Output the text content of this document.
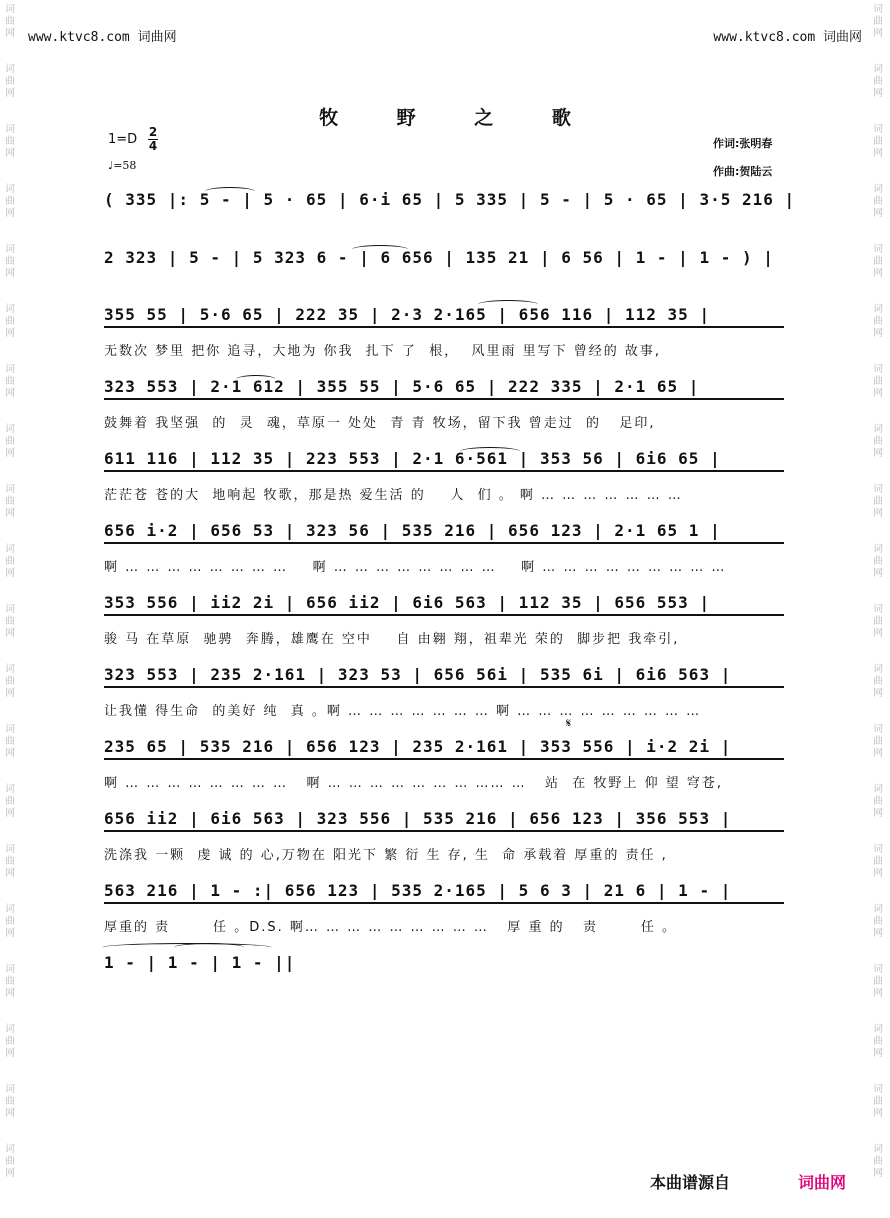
词
曲
网
词
曲
网
词
曲
网
词
曲
网
词
曲
网
词
曲
网
词
曲
网
词
曲
网
词
曲
网
词
曲
网
词
曲
网
词
曲
网
词
曲
网
词
曲
网
词
曲
网
词
曲
网
词
曲
网
词
曲
网
词
曲
网
词
曲
网
词
曲
网
词
曲
网
词
曲
网
词
曲
网
词
曲
网
词
曲
网
词
曲
网
词
曲
网
词
曲
网
词
曲
网
词
曲
网
词
曲
网
词
曲
网
词
曲
网
词
曲
网
词
曲
网
词
曲
网
词
曲
网
词
曲
网
词
曲
网
www.ktvc8.com 词曲网	www.ktvc8.com 词曲网
牧 野 之 歌
1=D 2
4
♩=58
作词:张明春
作曲:贺陆云
( 335 |: 5 - | 5 · 65 | 6·i 65 | 5 335 | 5 - | 5 · 65 | 3·5 216 |
2 323 | 5 - | 5 323 6 - | 6 656 | 135 21 | 6 56 | 1 - | 1 - ) |
355 55 | 5·6 65 | 222 35 | 2·3 2·165 | 656 116 | 112 35 |
无数次 梦里 把你 追寻，大地为 你我  扎下 了  根，  风里雨 里写下 曾经的 故事,
323 553 | 2·1 612 | 355 55 | 5·6 65 | 222 335 | 2·1 65 |
鼓舞着 我坚强  的  灵  魂，草原一 处处  青 青 牧场，留下我 曾走过  的   足印,
611 116 | 112 35 | 223 553 | 2·1 6·561 | 353 56 | 6i6 65 |
茫茫苍 苍的大  地响起 牧歌，那是热 爱生活 的    人  们 。 啊 … … … … … … …
656 i·2 | 656 53 | 323 56 | 535 216 | 656 123 | 2·1 65 1 |
啊 … … … … … … … …    啊 … … … … … … … …    啊 … … … … … … … … …
353 556 | ii2 2i | 656 ii2 | 6i6 563 | 112 35 | 656 553 |
骏 马 在草原  驰骋  奔腾，雄鹰在 空中    自 由翱 翔，祖辈光 荣的  脚步把 我牵引,
323 553 | 235 2·161 | 323 53 | 656 56i | 535 6i | 6i6 563 |
让我懂 得生命  的美好 纯  真 。啊 … … … … … … … 啊 … … … … … … … … …
235 65 | 535 216 | 656 123 | 235 2·161 | 353 556 | i·2 2i |
啊 … … … … … … … …   啊 … … … … … … … …… …   站  在 牧野上 仰 望 穹苍,
656 ii2 | 6i6 563 | 323 556 | 535 216 | 656 123 | 356 553 |
洗涤我 一颗  虔 诚 的 心,万物在 阳光下 繁 衍 生 存, 生  命 承载着 厚重的 责任 ,
563 216 | 1 - :| 656 123 | 535 2·165 | 5 6 3 | 21 6 | 1 - |
厚重的 责       任 。D.S. 啊… … … … … … … … …   厚 重 的   责       任 。
1 - | 1 - | 1 - ||
𝄋
本曲谱源自	词曲网
